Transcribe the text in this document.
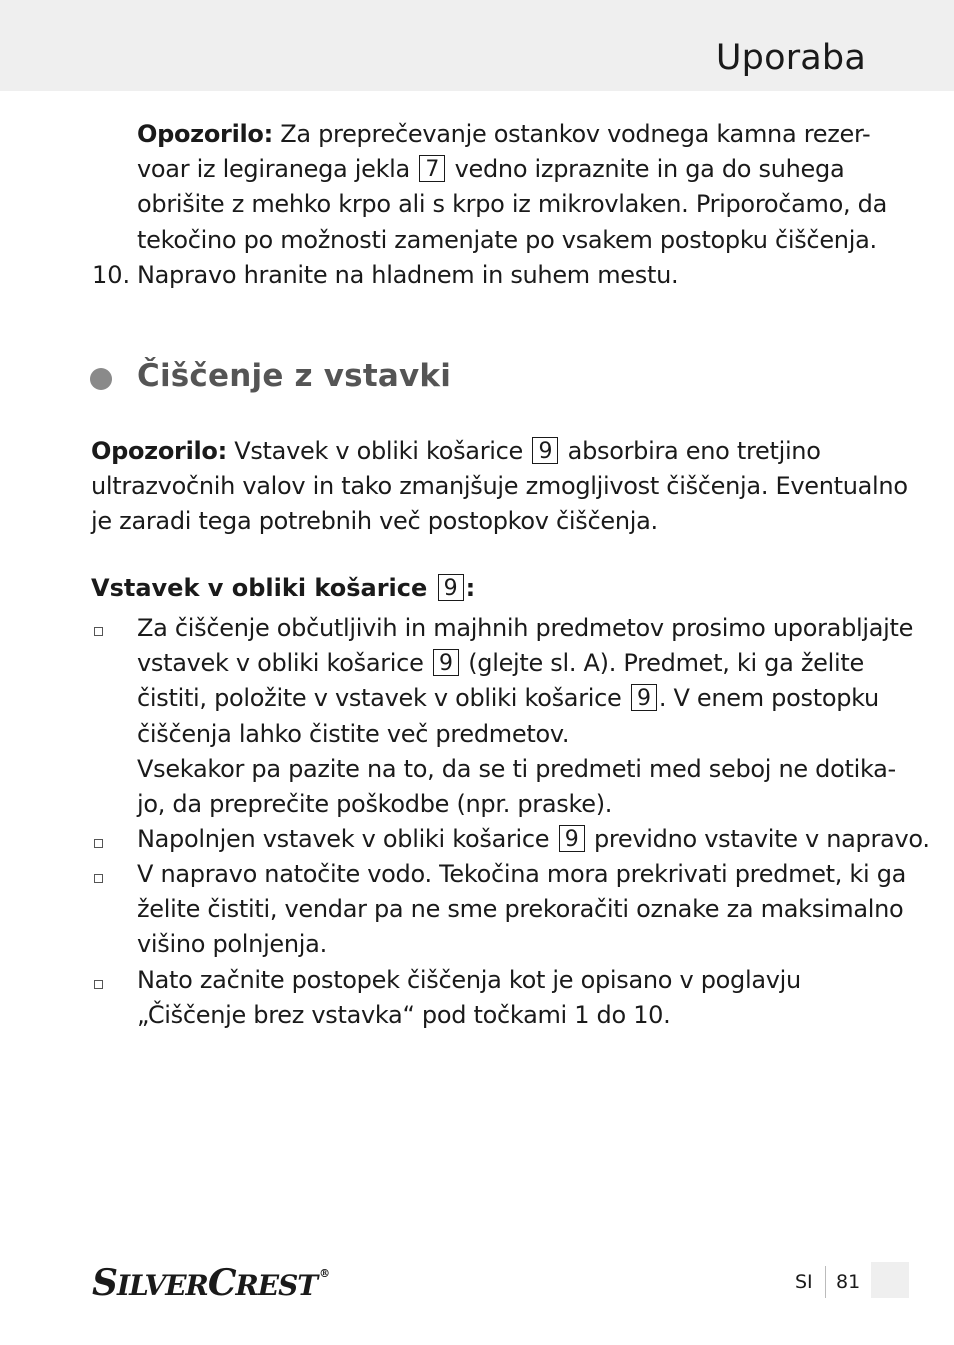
Uporaba
Opozorilo: Za preprečevanje ostankov vodnega kamna rezer-
voar iz legiranega jekla 7 vedno izpraznite in ga do suhega
obrišite z mehko krpo ali s krpo iz mikrovlaken. Priporočamo, da
tekočino po možnosti zamenjate po vsakem postopku čiščenja.
10. Napravo hranite na hladnem in suhem mestu.
Čiščenje z vstavki
Opozorilo: Vstavek v obliki košarice 9 absorbira eno tretjino
ultrazvočnih valov in tako zmanjšuje zmogljivost čiščenja. Eventualno
je zaradi tega potrebnih več postopkov čiščenja.
Vstavek v obliki košarice 9 :
Za čiščenje občutljivih in majhnih predmetov prosimo uporabljajte
vstavek v obliki košarice 9 (glejte sl. A). Predmet, ki ga želite
čistiti, položite v vstavek v obliki košarice 9 . V enem postopku
čiščenja lahko čistite več predmetov.
Vsekakor pa pazite na to, da se ti predmeti med seboj ne dotika-
jo, da preprečite poškodbe (npr. praske).
Napolnjen vstavek v obliki košarice 9 previdno vstavite v napravo.
V napravo natočite vodo. Tekočina mora prekrivati predmet, ki ga
želite čistiti, vendar pa ne sme prekoračiti oznake za maksimalno
višino polnjenja.
Nato začnite postopek čiščenja kot je opisano v poglavju
„Čiščenje brez vstavka“ pod točkami 1 do 10.
SILVERCREST ®	SI 81
